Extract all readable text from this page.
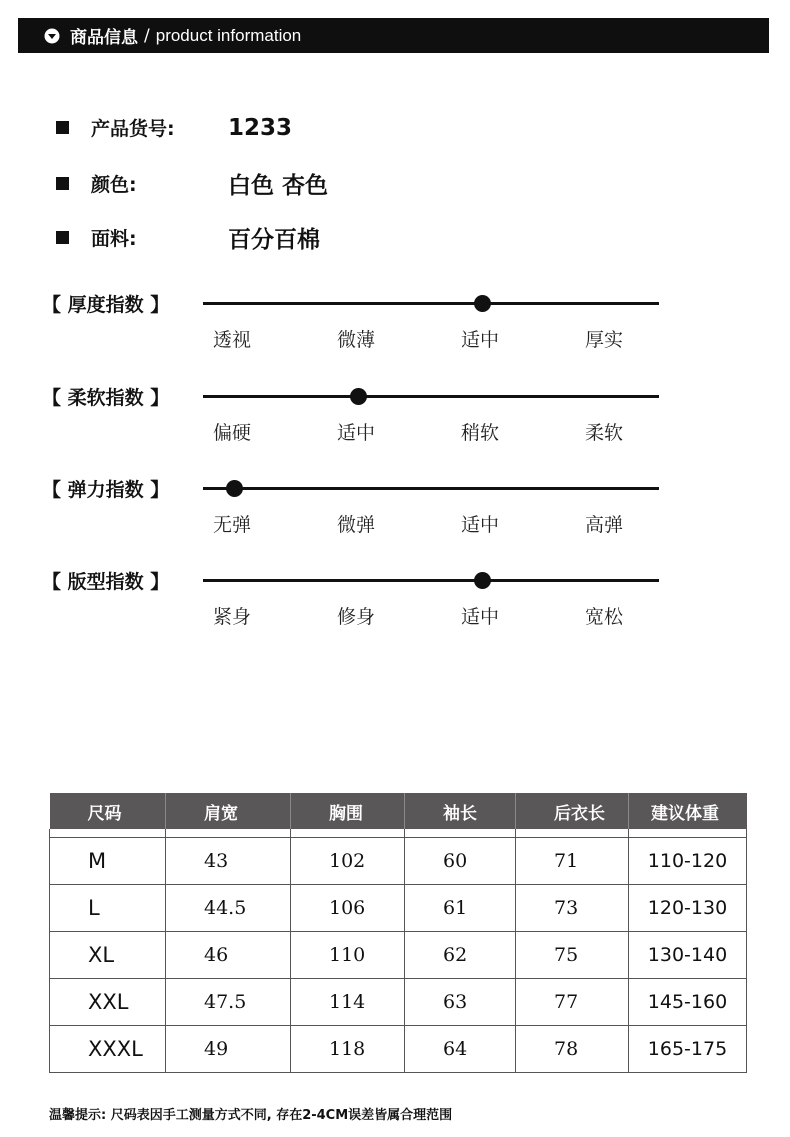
商品信息 / product information
产品货号:	1233
颜色:	白色 杏色
面料:	百分百棉
【 厚度指数 】
透视	微薄	适中	厚实
【 柔软指数 】
偏硬	适中	稍软	柔软
【 弹力指数 】
无弹	微弹	适中	高弹
【 版型指数 】
紧身	修身	适中	宽松
尺码	肩宽	胸围	袖长	后衣长	建议体重

M	43	102	60	71	110-120
L	44.5	106	61	73	120-130
XL	46	110	62	75	130-140
XXL	47.5	114	63	77	145-160
XXXL	49	118	64	78	165-175
温馨提示: 尺码表因手工测量方式不同, 存在2-4CM误差皆属合理范围
